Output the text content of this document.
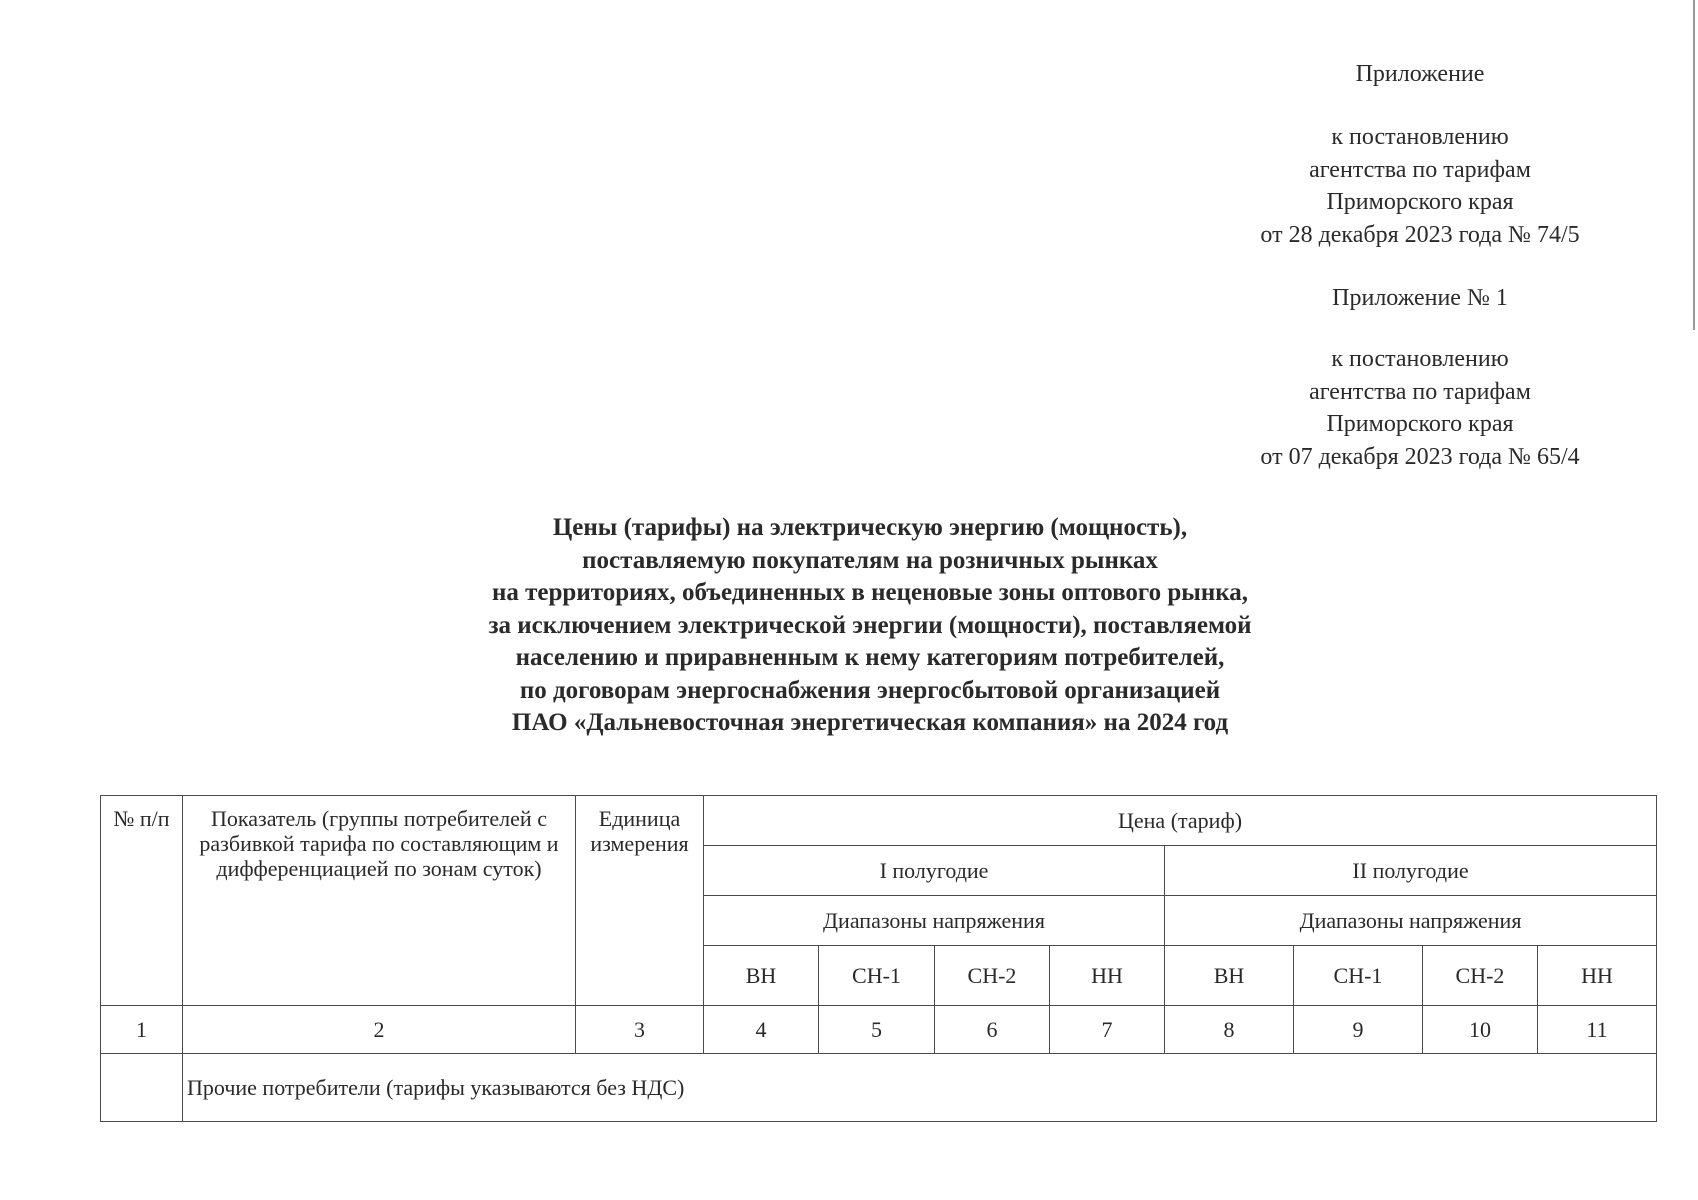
Приложение
к постановлению
агентства по тарифам
Приморского края
от 28 декабря 2023 года № 74/5
Приложение № 1
к постановлению
агентства по тарифам
Приморского края
от 07 декабря 2023 года № 65/4
Цены (тарифы) на электрическую энергию (мощность),
поставляемую покупателям на розничных рынках
на территориях, объединенных в неценовые зоны оптового рынка,
за исключением электрической энергии (мощности), поставляемой
населению и приравненным к нему категориям потребителей,
по договорам энергоснабжения энергосбытовой организацией
ПАО «Дальневосточная энергетическая компания» на 2024 год
№ п/п	Показатель (группы потребителей с разбивкой тарифа по составляющим и дифференциацией по зонам суток)	Единица измерения	Цена (тариф)							
			I полугодие				II полугодие			
			Диапазоны напряжения				Диапазоны напряжения			
			ВН	СН-1	СН-2	НН	ВН	СН-1	СН-2	НН
1	2	3	4	5	6	7	8	9	10	11
	Прочие потребители (тарифы указываются без НДС)									
